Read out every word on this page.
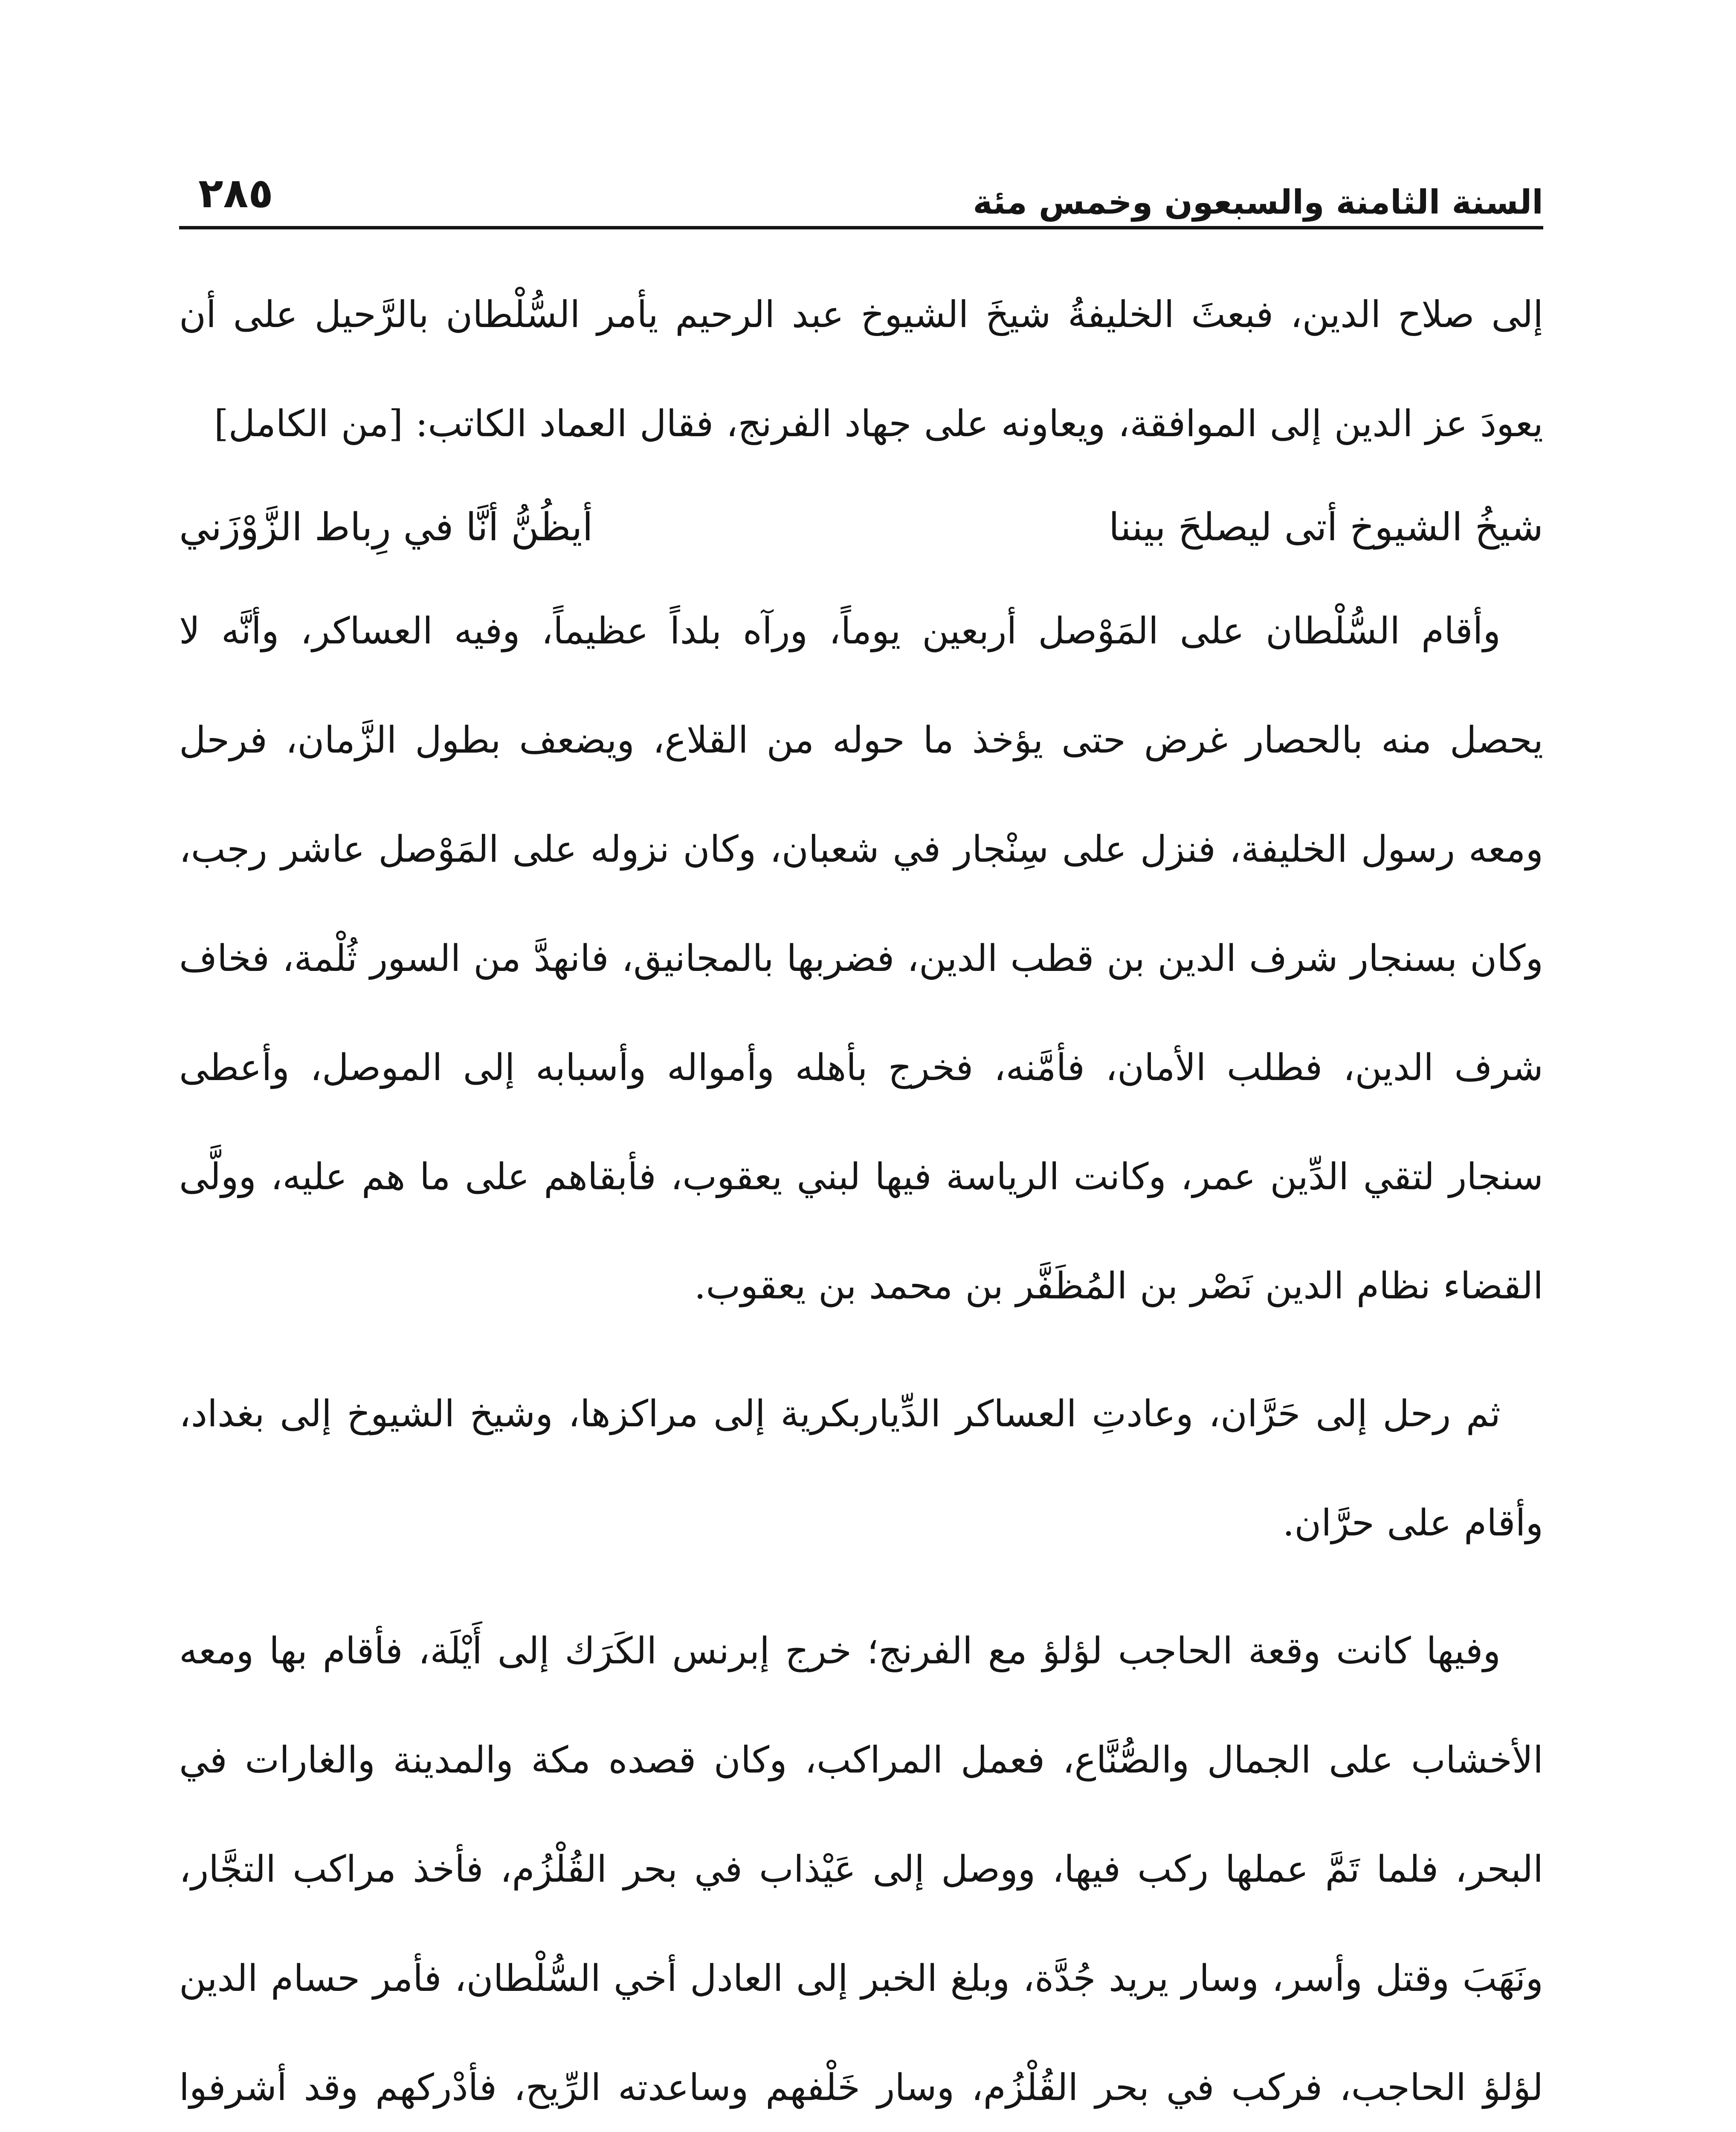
السنة الثامنة والسبعون وخمس مئة
٢٨٥

إلى صلاح الدين، فبعثَ الخليفةُ شيخَ الشيوخ عبد الرحيم يأمر السُّلْطان بالرَّحيل على أن يعودَ عز الدين إلى الموافقة، ويعاونه على جهاد الفرنج، فقال العماد الكاتب: [من الكامل]

شيخُ الشيوخ أتى ليصلحَ بيننا
أيظُنُّ أنَّا في رِباط الزَّوْزَني

وأقام السُّلْطان على المَوْصل أربعين يوماً، ورآه بلداً عظيماً، وفيه العساكر، وأنَّه لا يحصل منه بالحصار غرض حتى يؤخذ ما حوله من القلاع، ويضعف بطول الزَّمان، فرحل ومعه رسول الخليفة، فنزل على سِنْجار في شعبان، وكان نزوله على المَوْصل عاشر رجب، وكان بسنجار شرف الدين بن قطب الدين، فضربها بالمجانيق، فانهدَّ من السور ثُلْمة، فخاف شرف الدين، فطلب الأمان، فأمَّنه، فخرج بأهله وأمواله وأسبابه إلى الموصل، وأعطى سنجار لتقي الدِّين عمر، وكانت الرياسة فيها لبني يعقوب، فأبقاهم على ما هم عليه، وولَّى القضاء نظام الدين نَصْر بن المُظَفَّر بن محمد بن يعقوب.

ثم رحل إلى حَرَّان، وعادتِ العساكر الدِّياربكرية إلى مراكزها، وشيخ الشيوخ إلى بغداد، وأقام على حرَّان.

وفيها كانت وقعة الحاجب لؤلؤ مع الفرنج؛ خرج إبرنس الكَرَك إلى أَيْلَة، فأقام بها ومعه الأخشاب على الجمال والصُّنَّاع، فعمل المراكب، وكان قصده مكة والمدينة والغارات في البحر، فلما تَمَّ عملها ركب فيها، ووصل إلى عَيْذاب في بحر القُلْزُم، فأخذ مراكب التجَّار، ونَهَبَ وقتل وأسر، وسار يريد جُدَّة، وبلغ الخبر إلى العادل أخي السُّلْطان، فأمر حسام الدين لؤلؤ الحاجب، فركب في بحر القُلْزُم، وسار خَلْفهم وساعدته الرِّيح، فأدْركهم وقد أشرفوا
